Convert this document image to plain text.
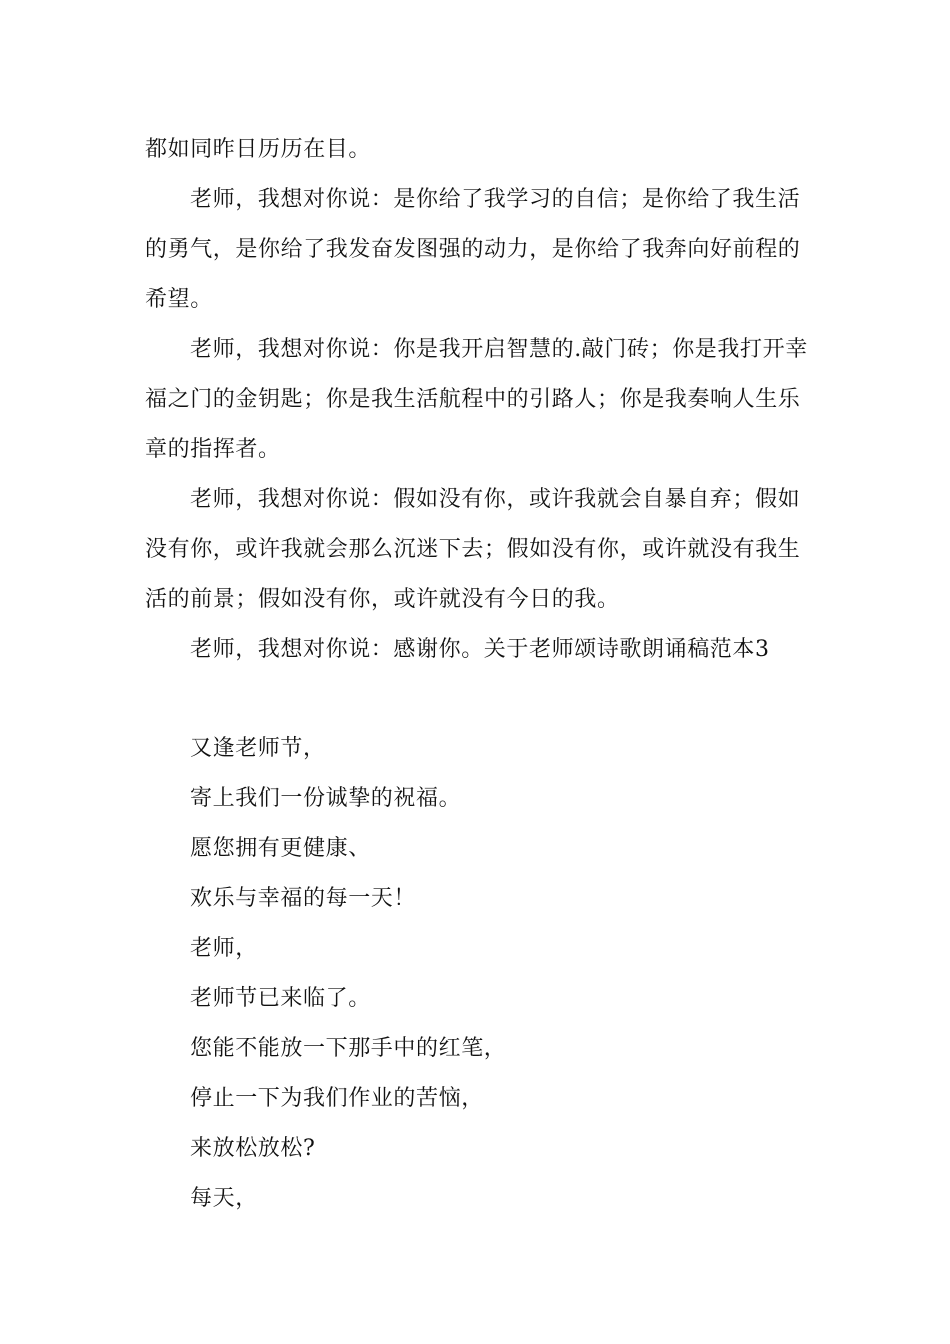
都如同昨日历历在目。
老师，我想对你说：是你给了我学习的自信；是你给了我生活
的勇气，是你给了我发奋发图强的动力，是你给了我奔向好前程的
希望。
老师，我想对你说：你是我开启智慧的.敲门砖；你是我打开幸
福之门的金钥匙；你是我生活航程中的引路人；你是我奏响人生乐
章的指挥者。
老师，我想对你说：假如没有你，或许我就会自暴自弃；假如
没有你，或许我就会那么沉迷下去；假如没有你，或许就没有我生
活的前景；假如没有你，或许就没有今日的我。
老师，我想对你说：感谢你。关于老师颂诗歌朗诵稿范本3
又逢老师节，
寄上我们一份诚挚的祝福。
愿您拥有更健康、
欢乐与幸福的每一天！
老师，
老师节已来临了。
您能不能放一下那手中的红笔，
停止一下为我们作业的苦恼，
来放松放松?
每天，
